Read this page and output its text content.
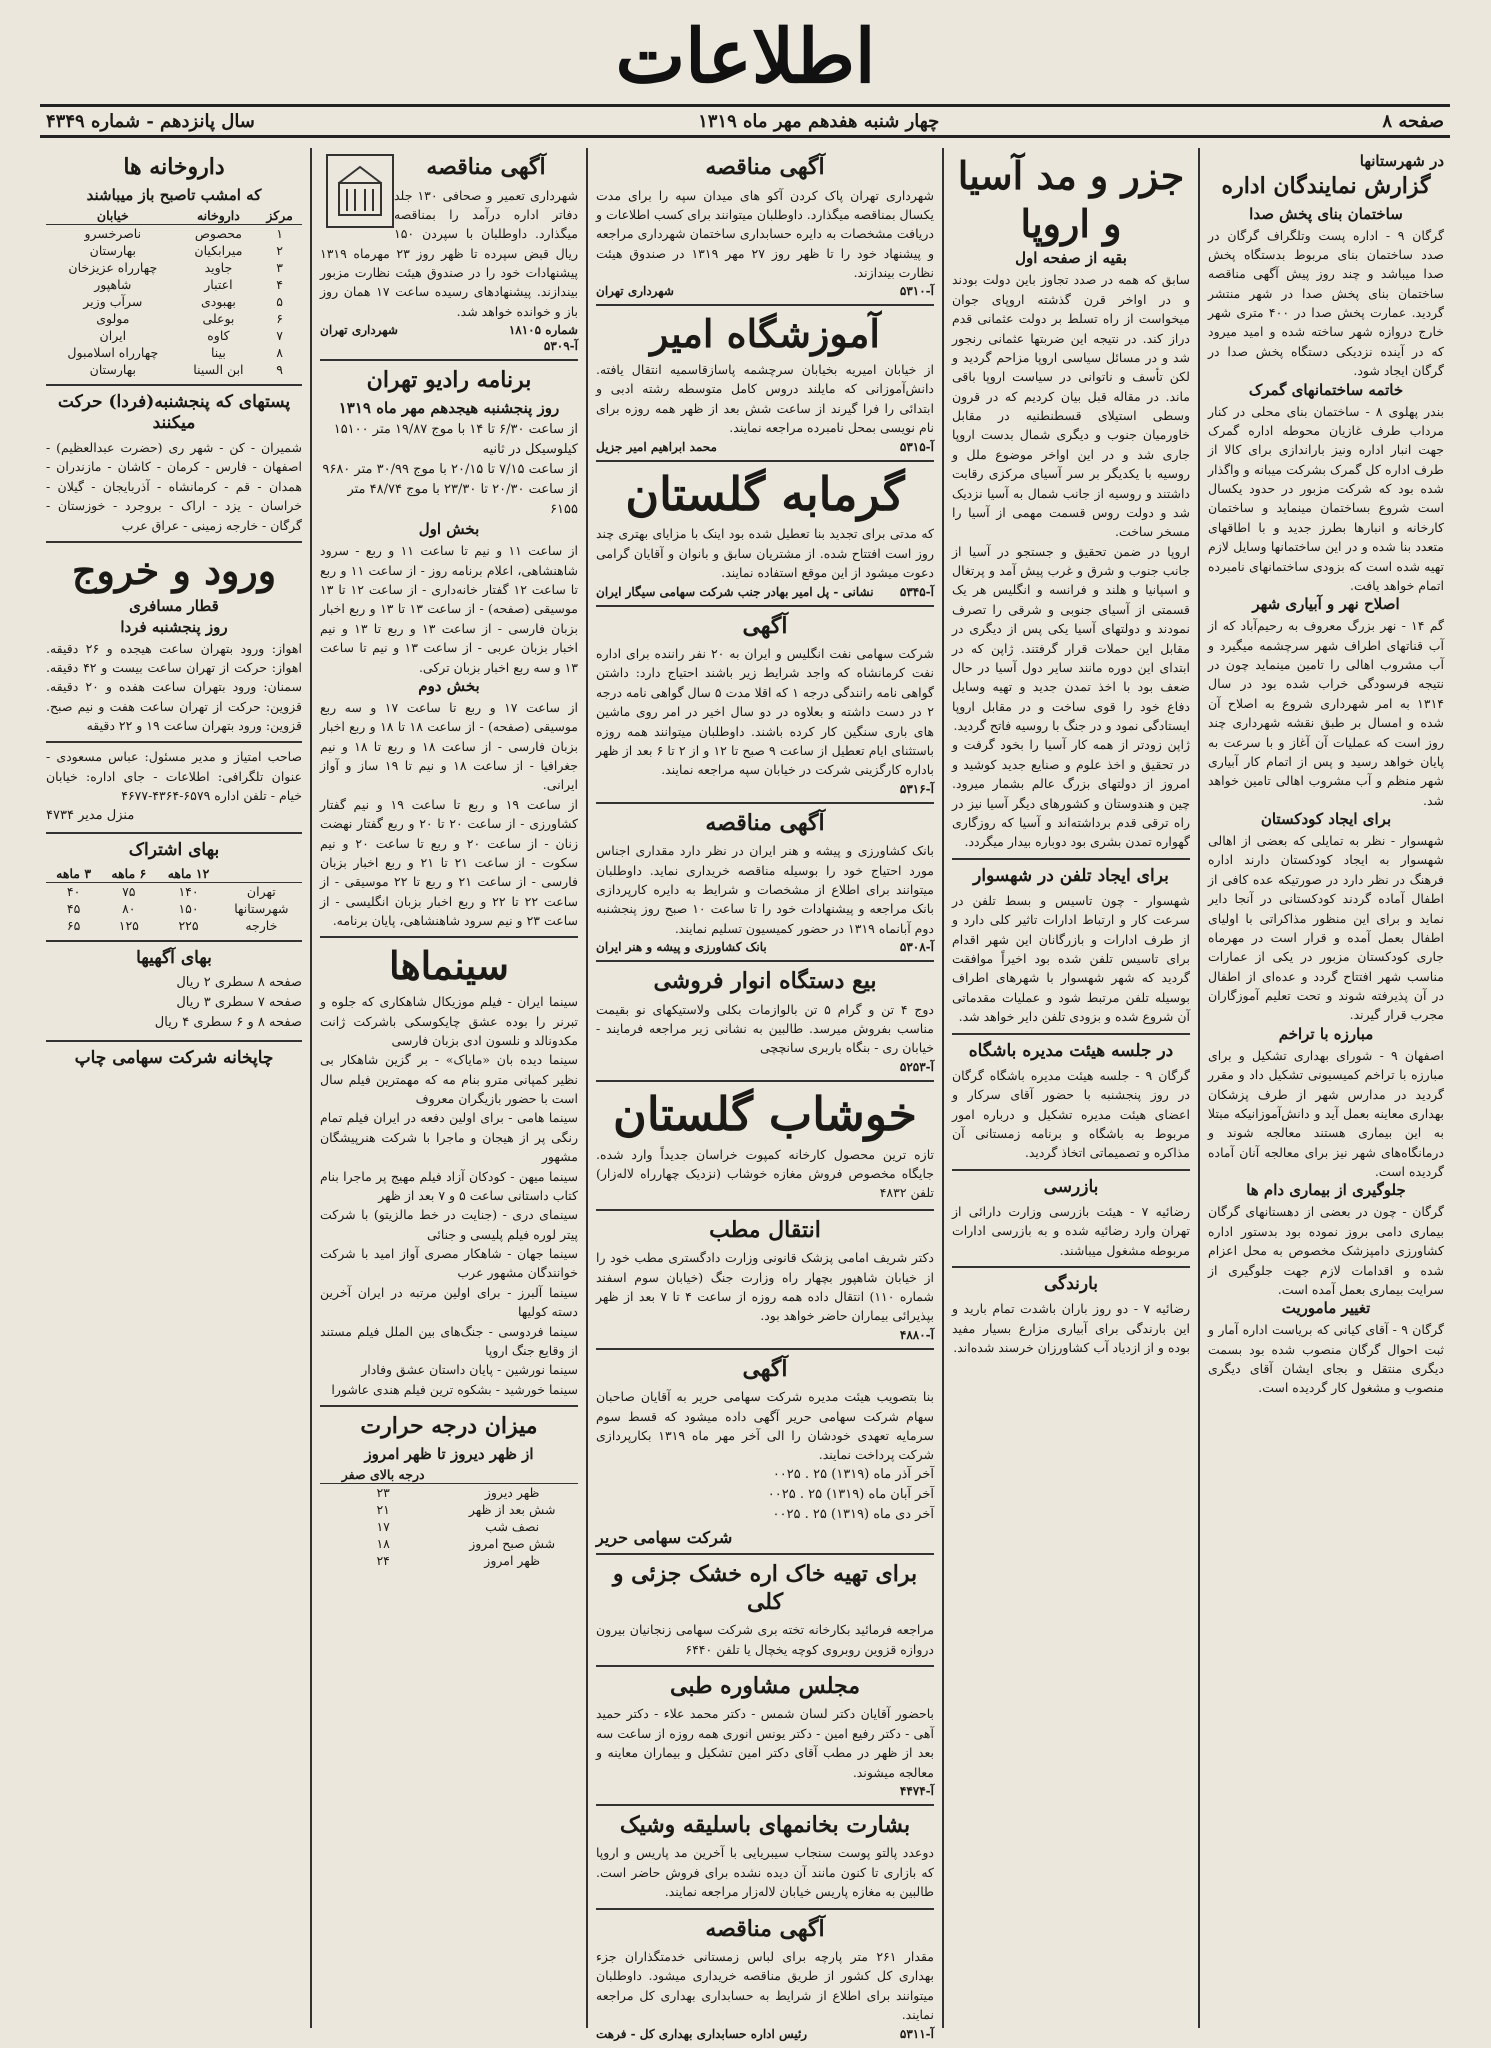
اطلاعات
صفحه ۸
چهار شنبه هفدهم مهر ماه ۱۳۱۹
سال پانزدهم - شماره ۴۳۴۹
در شهرستانها
گزارش نمایندگان اداره
ساختمان بنای پخش صدا
گرگان ۹ - اداره پست وتلگراف گرگان در صدد ساختمان بنای مربوط بدستگاه پخش صدا میباشد و چند روز پیش آگهی مناقصه ساختمان بنای پخش صدا در شهر منتشر گردید. عمارت پخش صدا در ۴۰۰ متری شهر خارج دروازه شهر ساخته شده و امید میرود که در آینده نزدیکی دستگاه پخش صدا در گرگان ایجاد شود.
خاتمه ساختمانهای گمرک
بندر پهلوی ۸ - ساختمان بنای محلی در کنار مرداب طرف غازیان محوطه اداره گمرک جهت انبار اداره ونیز باراندازی برای کالا از طرف اداره کل گمرک بشرکت میبانه و واگذار شده بود که شرکت مزبور در حدود یکسال است شروع بساختمان مینماید و ساختمان کارخانه و انبارها بطرز جدید و با اطاقهای متعدد بنا شده و در این ساختمانها وسایل لازم تهیه شده است که بزودی ساختمانهای نامبرده اتمام خواهد یافت.
اصلاح نهر و آبیاری شهر
گم ۱۴ - نهر بزرگ معروف به رحیم‌آباد که از آب قناتهای اطراف شهر سرچشمه میگیرد و آب مشروب اهالی را تامین مینماید چون در نتیجه فرسودگی خراب شده بود در سال ۱۳۱۴ به امر شهرداری شروع به اصلاح آن شده و امسال بر طبق نقشه شهرداری چند روز است که عملیات آن آغاز و با سرعت به پایان خواهد رسید و پس از اتمام کار آبیاری شهر منظم و آب مشروب اهالی تامین خواهد شد.
برای ایجاد کودکستان
شهسوار - نظر به تمایلی که بعضی از اهالی شهسوار به ایجاد کودکستان دارند اداره فرهنگ در نظر دارد در صورتیکه عده کافی از اطفال آماده گردند کودکستانی در آنجا دایر نماید و برای این منظور مذاکراتی با اولیای اطفال بعمل آمده و قرار است در مهرماه جاری کودکستان مزبور در یکی از عمارات مناسب شهر افتتاح گردد و عده‌ای از اطفال در آن پذیرفته شوند و تحت تعلیم آموزگاران مجرب قرار گیرند.
مبارزه با تراخم
اصفهان ۹ - شورای بهداری تشکیل و برای مبارزه با تراخم کمیسیونی تشکیل داد و مقرر گردید در مدارس شهر از طرف پزشکان بهداری معاینه بعمل آید و دانش‌آموزانیکه مبتلا به این بیماری هستند معالجه شوند و درمانگاه‌های شهر نیز برای معالجه آنان آماده گردیده است.
جلوگیری از بیماری دام ها
گرگان - چون در بعضی از دهستانهای گرگان بیماری دامی بروز نموده بود بدستور اداره کشاورزی دامپزشک مخصوص به محل اعزام شده و اقدامات لازم جهت جلوگیری از سرایت بیماری بعمل آمده است.
تغییر ماموریت
گرگان ۹ - آقای کیانی که بریاست اداره آمار و ثبت احوال گرگان منصوب شده بود بسمت دیگری منتقل و بجای ایشان آقای دیگری منصوب و مشغول کار گردیده است.
جزر و مد آسیا
و اروپا
بقیه از صفحه اول
سابق که همه در صدد تجاوز باین دولت بودند و در اواخر قرن گذشته اروپای جوان میخواست از راه تسلط بر دولت عثمانی قدم دراز کند. در نتیجه این ضربتها عثمانی رنجور شد و در مسائل سیاسی اروپا مزاحم گردید و لکن تأسف و ناتوانی در سیاست اروپا باقی ماند. در مقاله قبل بیان کردیم که در قرون وسطی استیلای قسطنطنیه در مقابل خاورمیان جنوب و دیگری شمال بدست اروپا جاری شد و در این اواخر موضوع ملل و روسیه با یکدیگر بر سر آسیای مرکزی رقابت داشتند و روسیه از جانب شمال به آسیا نزدیک شد و دولت روس قسمت مهمی از آسیا را مسخر ساخت.
اروپا در ضمن تحقیق و جستجو در آسیا از جانب جنوب و شرق و غرب پیش آمد و پرتغال و اسپانیا و هلند و فرانسه و انگلیس هر یک قسمتی از آسیای جنوبی و شرقی را تصرف نمودند و دولتهای آسیا یکی پس از دیگری در مقابل این حملات قرار گرفتند. ژاپن که در ابتدای این دوره مانند سایر دول آسیا در حال ضعف بود با اخذ تمدن جدید و تهیه وسایل دفاع خود را قوی ساخت و در مقابل اروپا ایستادگی نمود و در جنگ با روسیه فاتح گردید.
ژاپن زودتر از همه کار آسیا را بخود گرفت و در تحقیق و اخذ علوم و صنایع جدید کوشید و امروز از دولتهای بزرگ عالم بشمار میرود. چین و هندوستان و کشورهای دیگر آسیا نیز در راه ترقی قدم برداشته‌اند و آسیا که روزگاری گهواره تمدن بشری بود دوباره بیدار میگردد.
برای ایجاد تلفن در شهسوار
شهسوار - چون تاسیس و بسط تلفن در سرعت کار و ارتباط ادارات تاثیر کلی دارد و از طرف ادارات و بازرگانان این شهر اقدام برای تاسیس تلفن شده بود اخیراً موافقت گردید که شهر شهسوار با شهرهای اطراف بوسیله تلفن مرتبط شود و عملیات مقدماتی آن شروع شده و بزودی تلفن دایر خواهد شد.
در جلسه هیئت مدیره باشگاه
گرگان ۹ - جلسه هیئت مدیره باشگاه گرگان در روز پنجشنبه با حضور آقای سرکار و اعضای هیئت مدیره تشکیل و درباره امور مربوط به باشگاه و برنامه زمستانی آن مذاکره و تصمیماتی اتخاذ گردید.
بازرسی
رضائیه ۷ - هیئت بازرسی وزارت دارائی از تهران وارد رضائیه شده و به بازرسی ادارات مربوطه مشغول میباشند.
بارندگی
رضائیه ۷ - دو روز باران باشدت تمام بارید و این بارندگی برای آبیاری مزارع بسیار مفید بوده و از ازدیاد آب کشاورزان خرسند شده‌اند.
آگهی مناقصه
شهرداری تهران پاک کردن آکو های میدان سپه را برای مدت یکسال بمناقصه میگذارد. داوطلبان میتوانند برای کسب اطلاعات و دریافت مشخصات به دایره حسابداری ساختمان شهرداری مراجعه و پیشنهاد خود را تا ظهر روز ۲۷ مهر ۱۳۱۹ در صندوق هیئت نظارت بیندازند.
آ-۵۳۱۰
شهرداری تهران
آموزشگاه امیر
از خیابان امیریه بخیابان سرچشمه پاسازقاسمیه انتقال یافته. دانش‌آموزانی که مایلند دروس کامل متوسطه رشته ادبی و ابتدائی را فرا گیرند از ساعت شش بعد از ظهر همه روزه برای نام نویسی بمحل نامبرده مراجعه نمایند.
آ-۵۳۱۵
محمد ابراهیم امیر جزیل
گرمابه گلستان
که مدتی برای تجدید بنا تعطیل شده بود اینک با مزایای بهتری چند روز است افتتاح شده. از مشتریان سابق و بانوان و آقایان گرامی دعوت میشود از این موقع استفاده نمایند.
آ-۵۳۴۵
نشانی - پل امیر بهادر جنب شرکت سهامی سیگار ایران
آگهی
شرکت سهامی نفت انگلیس و ایران به ۲۰ نفر راننده برای اداره نفت کرمانشاه که واجد شرایط زیر باشند احتیاج دارد: داشتن گواهی نامه رانندگی درجه ۱ که اقلا مدت ۵ سال گواهی نامه درجه ۲ در دست داشته و بعلاوه در دو سال اخیر در امر روی ماشین های باری سنگین کار کرده باشند. داوطلبان میتوانند همه روزه باستثنای ایام تعطیل از ساعت ۹ صبح تا ۱۲ و از ۲ تا ۶ بعد از ظهر باداره کارگزینی شرکت در خیابان سپه مراجعه نمایند.
آ-۵۳۱۶
آگهی مناقصه
بانک کشاورزی و پیشه و هنر ایران در نظر دارد مقداری اجناس مورد احتیاج خود را بوسیله مناقصه خریداری نماید. داوطلبان میتوانند برای اطلاع از مشخصات و شرایط به دایره کارپردازی بانک مراجعه و پیشنهادات خود را تا ساعت ۱۰ صبح روز پنجشنبه دوم آبانماه ۱۳۱۹ در حضور کمیسیون تسلیم نمایند.
آ-۵۳۰۸
بانک کشاورزی و پیشه و هنر ایران
بیع دستگاه انوار فروشی
دوج ۴ تن و گرام ۵ تن بالوازمات بکلی ولاستیکهای نو بقیمت مناسب بفروش میرسد. طالبین به نشانی زیر مراجعه فرمایند - خیابان ری - بنگاه باربری سانچچی
آ-۵۲۵۳
خوشاب گلستان
تازه ترین محصول کارخانه کمپوت خراسان جدیداً وارد شده. جایگاه مخصوص فروش مغازه خوشاب (نزدیک چهارراه لاله‌زار) تلفن ۴۸۳۲
انتقال مطب
دکتر شریف امامی پزشک قانونی وزارت دادگستری مطب خود را از خیابان شاهپور بچهار راه وزارت جنگ (خیابان سوم اسفند شماره ۱۱۰) انتقال داده همه روزه از ساعت ۴ تا ۷ بعد از ظهر بپذیرائی بیماران حاضر خواهد بود.
آ-۴۸۸۰
آگهی
بنا بتصویب هیئت مدیره شرکت سهامی حریر به آقایان صاحبان سهام شرکت سهامی حریر آگهی داده میشود که قسط سوم سرمایه تعهدی خودشان را الی آخر مهر ماه ۱۳۱۹ بکارپردازی شرکت پرداخت نمایند.
آخر آذر ماه (۱۳۱۹) ۲۵ . ۰۰۲۵
آخر آبان ماه (۱۳۱۹) ۲۵ . ۰۰۲۵
آخر دی ماه (۱۳۱۹) ۲۵ . ۰۰۲۵
شرکت سهامی حریر
برای تهیه خاک اره خشک جزئی و کلی
مراجعه فرمائید بکارخانه تخته بری شرکت سهامی زنجانیان بیرون دروازه قزوین روبروی کوچه یخچال یا تلفن ۶۴۴۰
مجلس مشاوره طبی
باحضور آقایان دکتر لسان شمس - دکتر محمد علاء - دکتر حمید آهی - دکتر رفیع امین - دکتر یونس انوری همه روزه از ساعت سه بعد از ظهر در مطب آقای دکتر امین تشکیل و بیماران معاینه و معالجه میشوند.
آ-۴۴۷۴
بشارت بخانمهای باسلیقه وشیک
دوعدد پالتو پوست سنجاب سیبریایی با آخرین مد پاریس و اروپا که بازاری تا کنون مانند آن دیده نشده برای فروش حاضر است. طالبین به مغازه پاریس خیابان لاله‌زار مراجعه نمایند.
آگهی مناقصه
مقدار ۲۶۱ متر پارچه برای لباس زمستانی خدمتگذاران جزء بهداری کل کشور از طریق مناقصه خریداری میشود. داوطلبان میتوانند برای اطلاع از شرایط به حسابداری بهداری کل مراجعه نمایند.
آ-۵۳۱۱
رئیس اداره حسابداری بهداری کل - فرهت
آگهی مناقصه
شهرداری تعمیر و صحافی ۱۳۰ جلد دفاتر اداره درآمد را بمناقصه میگذارد. داوطلبان با سپردن ۱۵۰ ریال قبض سپرده تا ظهر روز ۲۳ مهرماه ۱۳۱۹ پیشنهادات خود را در صندوق هیئت نظارت مزبور بیندازند. پیشنهادهای رسیده ساعت ۱۷ همان روز باز و خوانده خواهد شد.
شماره ۱۸۱۰۵
شهرداری تهران
آ-۵۳۰۹
برنامه رادیو تهران
روز پنجشنبه هیجدهم مهر ماه ۱۳۱۹
از ساعت ۶/۳۰ تا ۱۴ با موج ۱۹/۸۷ متر ۱۵۱۰۰ کیلوسیکل در ثانیه
از ساعت ۷/۱۵ تا ۲۰/۱۵ با موج ۳۰/۹۹ متر ۹۶۸۰
از ساعت ۲۰/۳۰ تا ۲۳/۳۰ با موج ۴۸/۷۴ متر ۶۱۵۵
بخش اول
از ساعت ۱۱ و نیم تا ساعت ۱۱ و ربع - سرود شاهنشاهی، اعلام برنامه روز - از ساعت ۱۱ و ربع تا ساعت ۱۲ گفتار خانه‌داری - از ساعت ۱۲ تا ۱۳ موسیقی (صفحه) - از ساعت ۱۳ تا ۱۳ و ربع اخبار بزبان فارسی - از ساعت ۱۳ و ربع تا ۱۳ و نیم اخبار بزبان عربی - از ساعت ۱۳ و نیم تا ساعت ۱۳ و سه ربع اخبار بزبان ترکی.
بخش دوم
از ساعت ۱۷ و ربع تا ساعت ۱۷ و سه ربع موسیقی (صفحه) - از ساعت ۱۸ تا ۱۸ و ربع اخبار بزبان فارسی - از ساعت ۱۸ و ربع تا ۱۸ و نیم جغرافیا - از ساعت ۱۸ و نیم تا ۱۹ ساز و آواز ایرانی.
از ساعت ۱۹ و ربع تا ساعت ۱۹ و نیم گفتار کشاورزی - از ساعت ۲۰ تا ۲۰ و ربع گفتار نهضت زنان - از ساعت ۲۰ و ربع تا ساعت ۲۰ و نیم سکوت - از ساعت ۲۱ تا ۲۱ و ربع اخبار بزبان فارسی - از ساعت ۲۱ و ربع تا ۲۲ موسیقی - از ساعت ۲۲ تا ۲۲ و ربع اخبار بزبان انگلیسی - از ساعت ۲۳ و نیم سرود شاهنشاهی، پایان برنامه.
سینماها
سینما ایران - فیلم موزیکال شاهکاری که جلوه و تبرنر را بوده عشق چایکوسکی باشرکت ژانت مکدونالد و نلسون ادی بزبان فارسی
سینما دیده بان «مایاک» - بر گزین شاهکار بی نظیر کمپانی مترو بنام مه که مهمترین فیلم سال است با حضور بازیگران معروف
سینما هامی - برای اولین دفعه در ایران فیلم تمام رنگی پر از هیجان و ماجرا با شرکت هنرپیشگان مشهور
سینما میهن - کودکان آزاد فیلم مهیج پر ماجرا بنام کتاب داستانی ساعت ۵ و ۷ بعد از ظهر
سینمای دری - (جنایت در خط مالزیتو) با شرکت پیتر لوره فیلم پلیسی و جنائی
سینما جهان - شاهکار مصری آواز امید با شرکت خوانندگان مشهور عرب
سینما آلبرز - برای اولین مرتبه در ایران آخرین دسته کولیها
سینما فردوسی - جنگ‌های بین الملل فیلم مستند از وقایع جنگ اروپا
سینما نورشین - پایان داستان عشق وفادار
سینما خورشید - بشکوه ترین فیلم هندی عاشورا
میزان درجه حرارت
از ظهر دیروز تا ظهر امروز
	درجه بالای صفر
ظهر دیروز	۲۳
شش بعد از ظهر	۲۱
نصف شب	۱۷
شش صبح امروز	۱۸
ظهر امروز	۲۴
داروخانه ها
که امشب تاصبح باز میباشند
مرکز	داروخانه	خیابان
۱	محصوص	ناصرخسرو
۲	میرابکیان	بهارستان
۳	جاوید	چهارراه عزیزخان
۴	اعتبار	شاهپور
۵	بهبودی	سرآب وزیر
۶	بوعلی	مولوی
۷	کاوه	ایران
۸	بینا	چهارراه اسلامبول
۹	ابن السینا	بهارستان
پستهای که پنجشنبه(فردا) حرکت میکنند
شمیران - کن - شهر ری (حضرت عبدالعظیم) - اصفهان - فارس - کرمان - کاشان - مازندران - همدان - قم - کرمانشاه - آذربایجان - گیلان - خراسان - یزد - اراک - بروجرد - خوزستان - گرگان - خارجه زمینی - عراق عرب
ورود و خروج
قطار مسافری
روز پنجشنبه فردا
اهواز: ورود بتهران ساعت هیجده و ۲۶ دقیقه. اهواز: حرکت از تهران ساعت بیست و ۴۲ دقیقه. سمنان: ورود بتهران ساعت هفده و ۲۰ دقیقه. قزوین: حرکت از تهران ساعت هفت و نیم صبح. قزوین: ورود بتهران ساعت ۱۹ و ۲۲ دقیقه
صاحب امتیاز و مدیر مسئول: عباس مسعودی - عنوان تلگرافی: اطلاعات - جای اداره: خیابان خیام - تلفن اداره ۶۵۷۹-۴۳۶۴-۴۶۷۷
منزل مدیر ۴۷۳۴
بهای اشتراک
	۱۲ ماهه	۶ ماهه	۳ ماهه
تهران	۱۴۰	۷۵	۴۰
شهرستانها	۱۵۰	۸۰	۴۵
خارجه	۲۲۵	۱۲۵	۶۵
بهای آگهیها
صفحه ۸ سطری ۲ ریال
صفحه ۷ سطری ۳ ریال
صفحه ۸ و ۶ سطری ۴ ریال
چاپخانه شرکت سهامی چاپ
